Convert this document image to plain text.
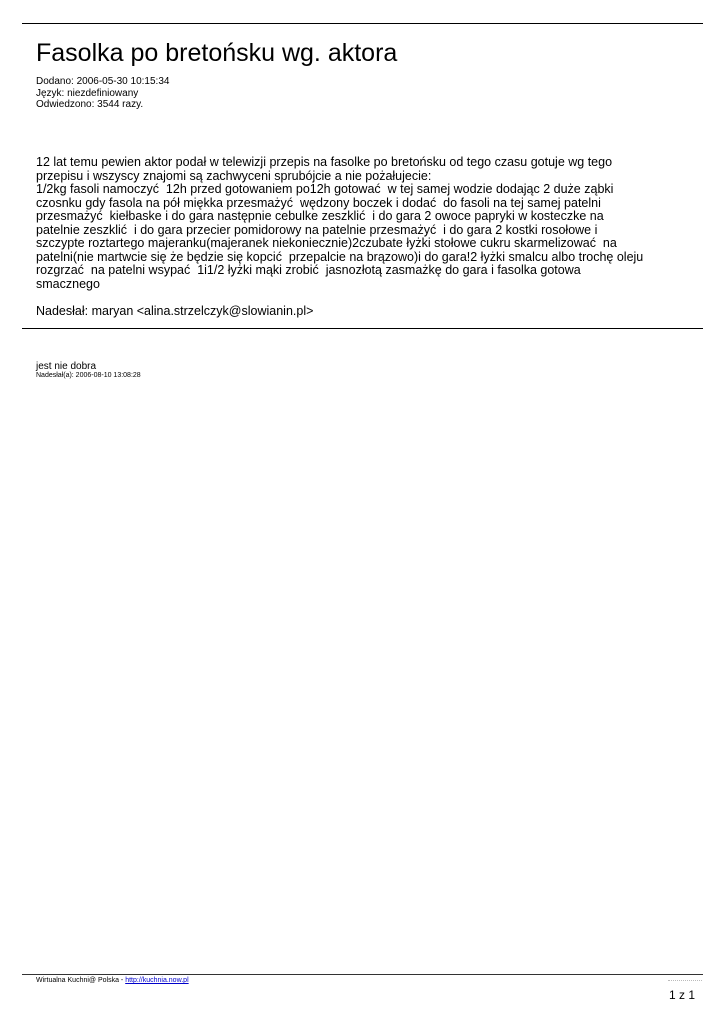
Fasolka po bretońsku wg. aktora
Dodano: 2006-05-30 10:15:34
Język: niezdefiniowany
Odwiedzono: 3544 razy.
12 lat temu pewien aktor podał w telewizji przepis na fasolke po bretońsku od tego czasu gotuje wg tego
przepisu i wszyscy znajomi są zachwyceni sprubójcie a nie pożałujecie:
1/2kg fasoli namoczyć  12h przed gotowaniem po12h gotować  w tej samej wodzie dodając 2 duże ząbki
czosnku gdy fasola na pół miękka przesmażyć  wędzony boczek i dodać  do fasoli na tej samej patelni
przesmażyć  kiełbaske i do gara następnie cebulke zeszklić  i do gara 2 owoce papryki w kosteczke na
patelnie zeszklić  i do gara przecier pomidorowy na patelnie przesmażyć  i do gara 2 kostki rosołowe i
szczypte roztartego majeranku(majeranek niekoniecznie)2czubate łyżki stołowe cukru skarmelizować  na
patelni(nie martwcie się że będzie się kopcić  przepalcie na brązowo)i do gara!2 łyżki smalcu albo trochę oleju
rozgrzać  na patelni wsypać  1i1/2 łyżki mąki zrobić  jasnozłotą zasmażkę do gara i fasolka gotowa
smacznego
Nadesłał: maryan <alina.strzelczyk@slowianin.pl>
jest nie dobra
Nadesłał(a): 2006-08-10 13:08:28
Wirtualna Kuchni@ Polska - http://kuchnia.now.pl
1 z 1
